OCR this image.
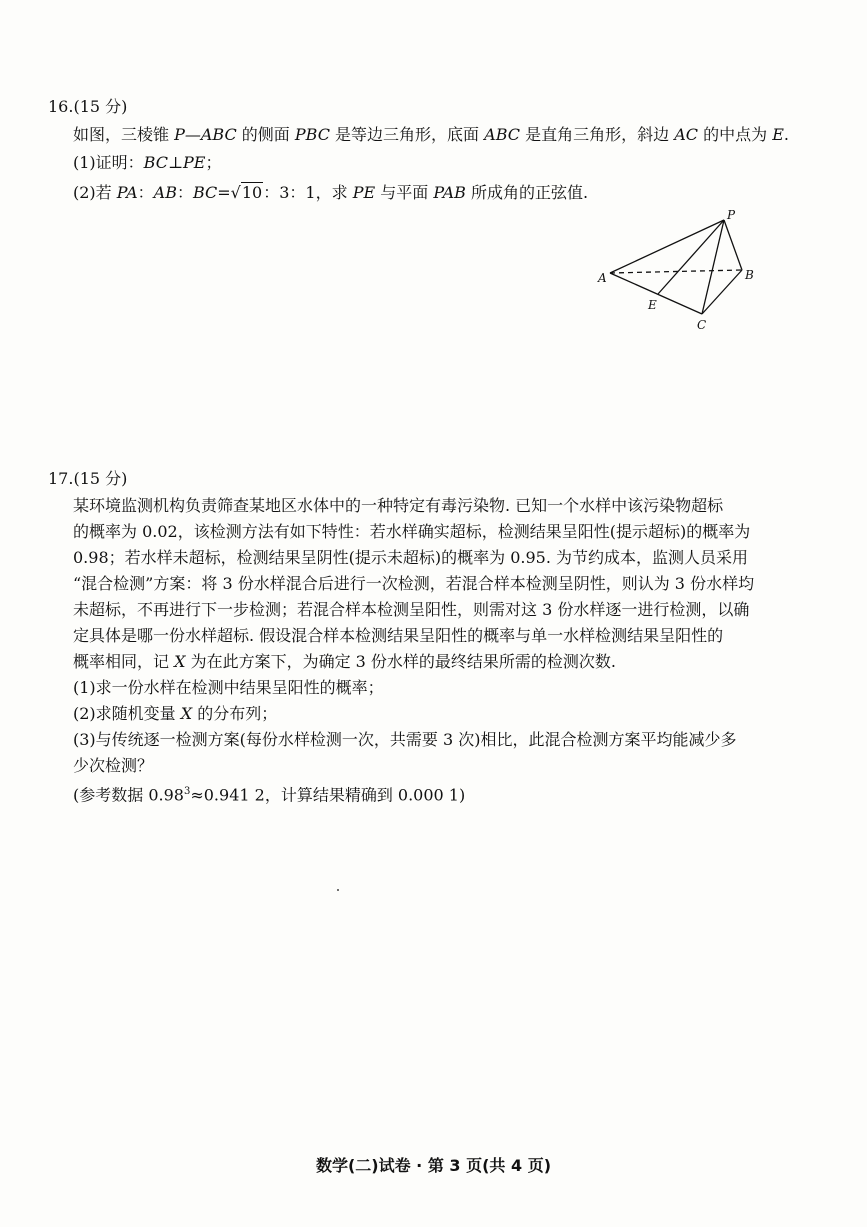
16.(15 分)
如图，三棱锥 P—ABC 的侧面 PBC 是等边三角形，底面 ABC 是直角三角形，斜边 AC 的中点为 E.
(1)证明：BC⊥PE；
(2)若 PA：AB：BC=√10：3：1，求 PE 与平面 PAB 所成角的正弦值.
P
A	B
C
E
17.(15 分)
某环境监测机构负责筛查某地区水体中的一种特定有毒污染物. 已知一个水样中该污染物超标
的概率为 0.02，该检测方法有如下特性：若水样确实超标，检测结果呈阳性(提示超标)的概率为
0.98；若水样未超标，检测结果呈阴性(提示未超标)的概率为 0.95. 为节约成本，监测人员采用
“混合检测”方案：将 3 份水样混合后进行一次检测，若混合样本检测呈阴性，则认为 3 份水样均
未超标，不再进行下一步检测；若混合样本检测呈阳性，则需对这 3 份水样逐一进行检测，以确
定具体是哪一份水样超标. 假设混合样本检测结果呈阳性的概率与单一水样检测结果呈阳性的
概率相同，记 X 为在此方案下，为确定 3 份水样的最终结果所需的检测次数.
(1)求一份水样在检测中结果呈阳性的概率；
(2)求随机变量 X 的分布列；
(3)与传统逐一检测方案(每份水样检测一次，共需要 3 次)相比，此混合检测方案平均能减少多
少次检测？
(参考数据 $0.98^3\approx 0.941$ 2，计算结果精确到 0.000 1)
数学(二)试卷 · 第 3 页(共 4 页)
